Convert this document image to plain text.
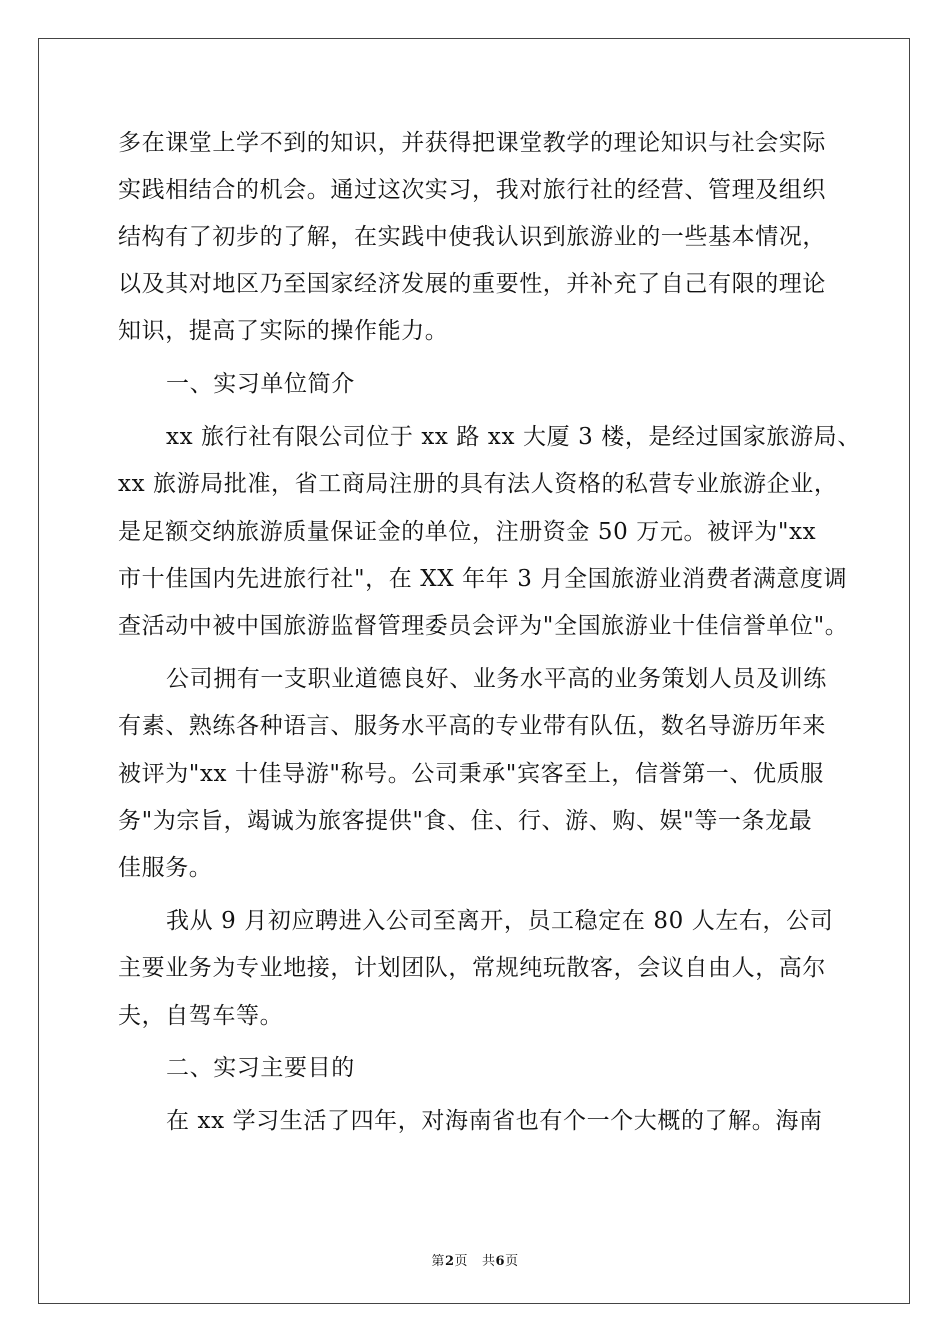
多在课堂上学不到的知识，并获得把课堂教学的理论知识与社会实际
实践相结合的机会。通过这次实习，我对旅行社的经营、管理及组织
结构有了初步的了解，在实践中使我认识到旅游业的一些基本情况，
以及其对地区乃至国家经济发展的重要性，并补充了自己有限的理论
知识，提高了实际的操作能力。
一、实习单位简介
xx 旅行社有限公司位于 xx 路 xx 大厦 3 楼，是经过国家旅游局、
xx 旅游局批准，省工商局注册的具有法人资格的私营专业旅游企业，
是足额交纳旅游质量保证金的单位，注册资金 50 万元。被评为"xx
市十佳国内先进旅行社"，在 XX 年年 3 月全国旅游业消费者满意度调
查活动中被中国旅游监督管理委员会评为"全国旅游业十佳信誉单位"。
公司拥有一支职业道德良好、业务水平高的业务策划人员及训练
有素、熟练各种语言、服务水平高的专业带有队伍，数名导游历年来
被评为"xx 十佳导游"称号。公司秉承"宾客至上，信誉第一、优质服
务"为宗旨，竭诚为旅客提供"食、住、行、游、购、娱"等一条龙最
佳服务。
我从 9 月初应聘进入公司至离开，员工稳定在 80 人左右，公司
主要业务为专业地接，计划团队，常规纯玩散客，会议自由人，高尔
夫，自驾车等。
二、实习主要目的
在 xx 学习生活了四年，对海南省也有个一个大概的了解。海南
第2页 共6页
